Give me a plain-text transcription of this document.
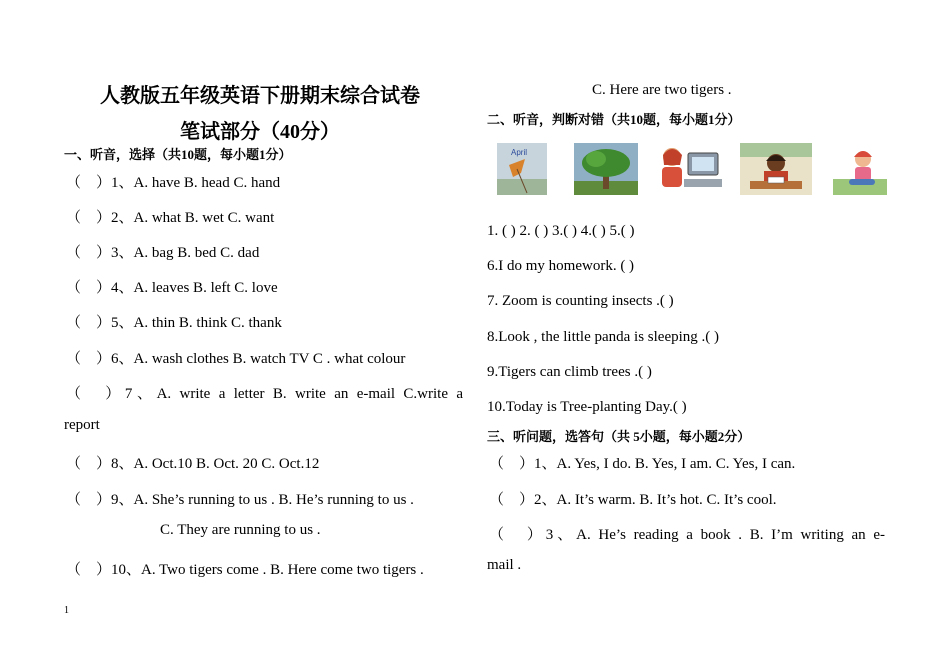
人教版五年级英语下册期末综合试卷
笔试部分（40分）
一、听音，选择（共10题，每小题1分）
（　）1、A. have B. head C. hand
（　）2、A. what B. wet C. want
（　）3、A. bag B. bed C. dad
（　）4、A. leaves B. left C. love
（　）5、A. thin B. think C. thank
（　）6、A. wash clothes B. watch TV C . what colour
（　）7、A. write a letter B. write an e-mail C.write a
report
（　）8、A. Oct.10 B. Oct. 20 C. Oct.12
（　）9、A. She’s running to us . B. He’s running to us .
C. They are running to us .
（　）10、A. Two tigers come . B. Here come two tigers .
1
C. Here are two tigers .
二、听音，判断对错（共10题，每小题1分）
April
1. ( ) 2. ( ) 3.( ) 4.( ) 5.( )
6.I do my homework. ( )
7. Zoom is counting insects .( )
8.Look , the little panda is sleeping .( )
9.Tigers can climb trees .( )
10.Today is Tree-planting Day.( )
三、听问题，选答句（共 5小题，每小题2分）
（　）1、A. Yes, I do. B. Yes, I am. C. Yes, I can.
（　）2、A. It’s warm. B. It’s hot. C. It’s cool.
（　）3、A. He’s reading a book . B. I’m writing an e-
mail .
